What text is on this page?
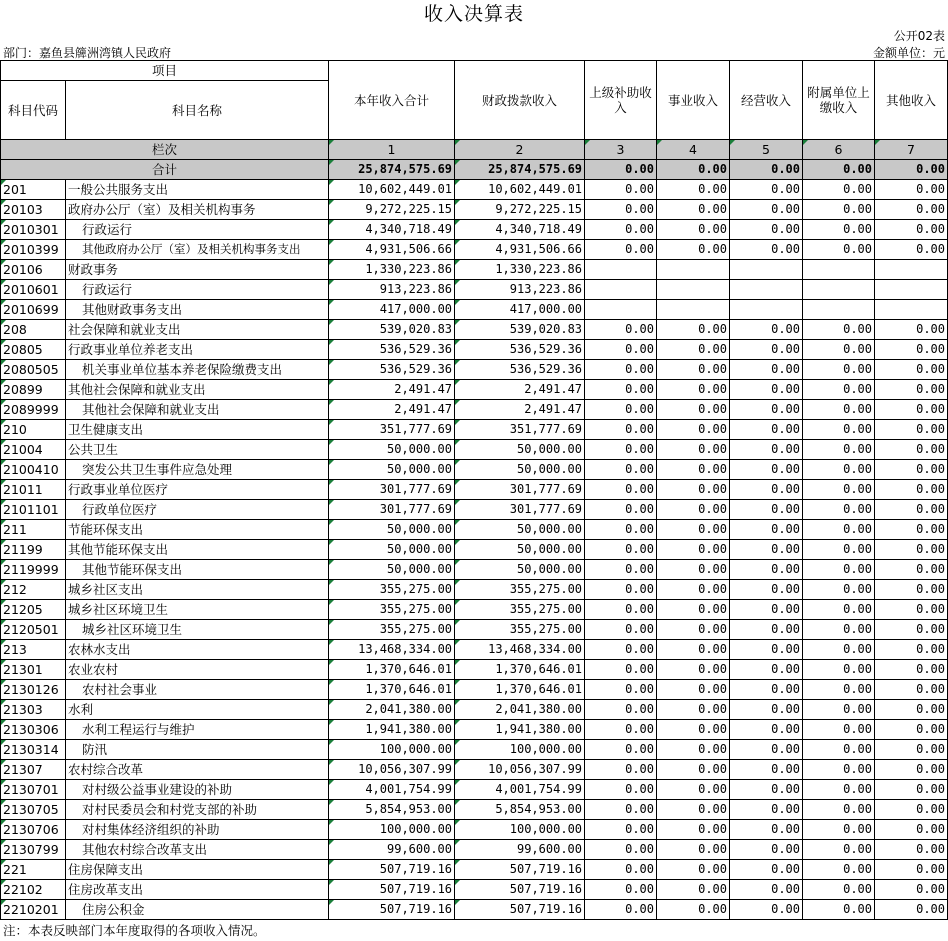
收入决算表
公开02表
部门：嘉鱼县簰洲湾镇人民政府	金额单位：元
项目		本年收入合计	财政拨款收入	上级补助收入	事业收入	经营收入	附属单位上缴收入	其他收入
科目代码	科目名称							
栏次		1	2	3	4	5	6	7
合计		25,874,575.69	25,874,575.69	0.00	0.00	0.00	0.00	0.00
201	一般公共服务支出	10,602,449.01	10,602,449.01	0.00	0.00	0.00	0.00	0.00
20103	政府办公厅（室）及相关机构事务	9,272,225.15	9,272,225.15	0.00	0.00	0.00	0.00	0.00
2010301	行政运行	4,340,718.49	4,340,718.49	0.00	0.00	0.00	0.00	0.00
2010399	其他政府办公厅（室）及相关机构事务支出	4,931,506.66	4,931,506.66	0.00	0.00	0.00	0.00	0.00
20106	财政事务	1,330,223.86	1,330,223.86					
2010601	行政运行	913,223.86	913,223.86					
2010699	其他财政事务支出	417,000.00	417,000.00					
208	社会保障和就业支出	539,020.83	539,020.83	0.00	0.00	0.00	0.00	0.00
20805	行政事业单位养老支出	536,529.36	536,529.36	0.00	0.00	0.00	0.00	0.00
2080505	机关事业单位基本养老保险缴费支出	536,529.36	536,529.36	0.00	0.00	0.00	0.00	0.00
20899	其他社会保障和就业支出	2,491.47	2,491.47	0.00	0.00	0.00	0.00	0.00
2089999	其他社会保障和就业支出	2,491.47	2,491.47	0.00	0.00	0.00	0.00	0.00
210	卫生健康支出	351,777.69	351,777.69	0.00	0.00	0.00	0.00	0.00
21004	公共卫生	50,000.00	50,000.00	0.00	0.00	0.00	0.00	0.00
2100410	突发公共卫生事件应急处理	50,000.00	50,000.00	0.00	0.00	0.00	0.00	0.00
21011	行政事业单位医疗	301,777.69	301,777.69	0.00	0.00	0.00	0.00	0.00
2101101	行政单位医疗	301,777.69	301,777.69	0.00	0.00	0.00	0.00	0.00
211	节能环保支出	50,000.00	50,000.00	0.00	0.00	0.00	0.00	0.00
21199	其他节能环保支出	50,000.00	50,000.00	0.00	0.00	0.00	0.00	0.00
2119999	其他节能环保支出	50,000.00	50,000.00	0.00	0.00	0.00	0.00	0.00
212	城乡社区支出	355,275.00	355,275.00	0.00	0.00	0.00	0.00	0.00
21205	城乡社区环境卫生	355,275.00	355,275.00	0.00	0.00	0.00	0.00	0.00
2120501	城乡社区环境卫生	355,275.00	355,275.00	0.00	0.00	0.00	0.00	0.00
213	农林水支出	13,468,334.00	13,468,334.00	0.00	0.00	0.00	0.00	0.00
21301	农业农村	1,370,646.01	1,370,646.01	0.00	0.00	0.00	0.00	0.00
2130126	农村社会事业	1,370,646.01	1,370,646.01	0.00	0.00	0.00	0.00	0.00
21303	水利	2,041,380.00	2,041,380.00	0.00	0.00	0.00	0.00	0.00
2130306	水利工程运行与维护	1,941,380.00	1,941,380.00	0.00	0.00	0.00	0.00	0.00
2130314	防汛	100,000.00	100,000.00	0.00	0.00	0.00	0.00	0.00
21307	农村综合改革	10,056,307.99	10,056,307.99	0.00	0.00	0.00	0.00	0.00
2130701	对村级公益事业建设的补助	4,001,754.99	4,001,754.99	0.00	0.00	0.00	0.00	0.00
2130705	对村民委员会和村党支部的补助	5,854,953.00	5,854,953.00	0.00	0.00	0.00	0.00	0.00
2130706	对村集体经济组织的补助	100,000.00	100,000.00	0.00	0.00	0.00	0.00	0.00
2130799	其他农村综合改革支出	99,600.00	99,600.00	0.00	0.00	0.00	0.00	0.00
221	住房保障支出	507,719.16	507,719.16	0.00	0.00	0.00	0.00	0.00
22102	住房改革支出	507,719.16	507,719.16	0.00	0.00	0.00	0.00	0.00
2210201	住房公积金	507,719.16	507,719.16	0.00	0.00	0.00	0.00	0.00
注：本表反映部门本年度取得的各项收入情况。
